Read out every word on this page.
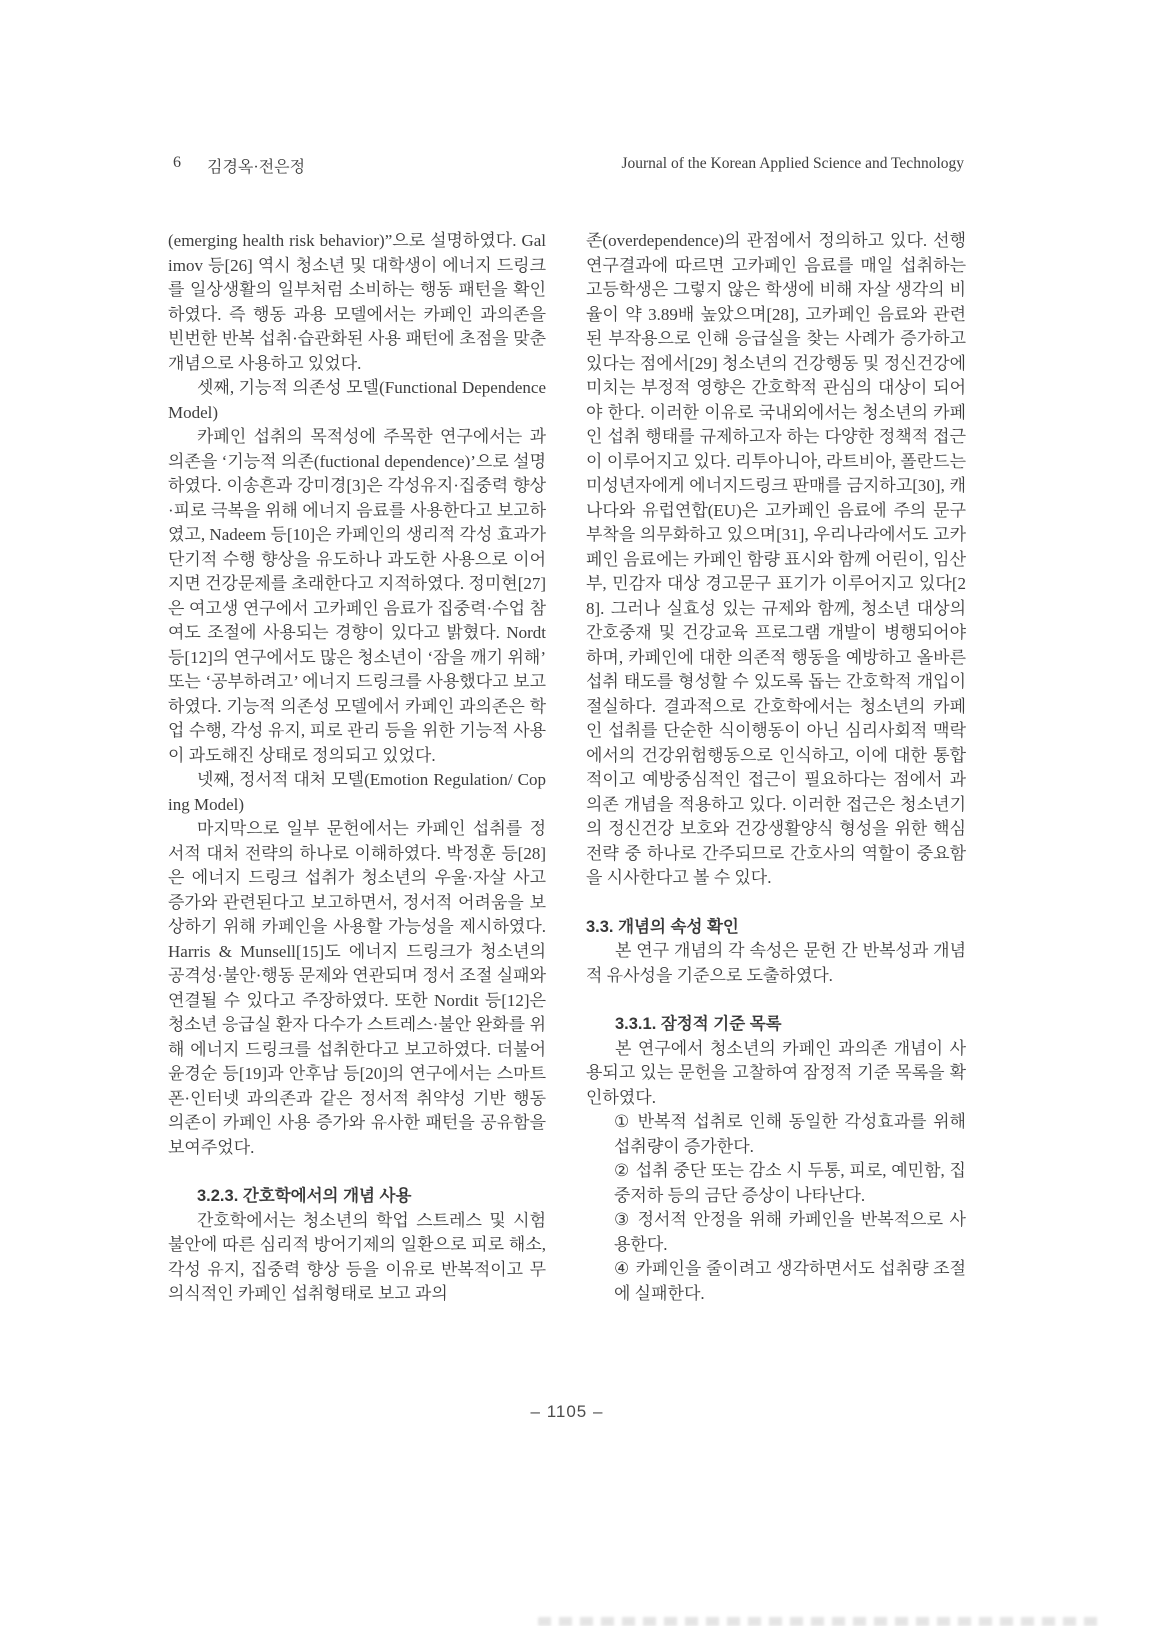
6 김경옥·전은정	Journal of the Korean Applied Science and Technology

(emerging health risk behavior)”으로 설명하였다. Galimov 등[26] 역시 청소년 및 대학생이 에너지 드링크를 일상생활의 일부처럼 소비하는 행동 패턴을 확인하였다. 즉 행동 과용 모델에서는 카페인 과의존을 빈번한 반복 섭취·습관화된 사용 패턴에 초점을 맞춘 개념으로 사용하고 있었다.

셋째, 기능적 의존성 모델(Functional Dependence Model)

카페인 섭취의 목적성에 주목한 연구에서는 과의존을 ‘기능적 의존(fuctional dependence)’으로 설명하였다. 이송흔과 강미경[3]은 각성유지·집중력 향상·피로 극복을 위해 에너지 음료를 사용한다고 보고하였고, Nadeem 등[10]은 카페인의 생리적 각성 효과가 단기적 수행 향상을 유도하나 과도한 사용으로 이어지면 건강문제를 초래한다고 지적하였다. 정미현[27]은 여고생 연구에서 고카페인 음료가 집중력·수업 참여도 조절에 사용되는 경향이 있다고 밝혔다. Nordt 등[12]의 연구에서도 많은 청소년이 ‘잠을 깨기 위해’ 또는 ‘공부하려고’ 에너지 드링크를 사용했다고 보고하였다. 기능적 의존성 모델에서 카페인 과의존은 학업 수행, 각성 유지, 피로 관리 등을 위한 기능적 사용이 과도해진 상태로 정의되고 있었다.

넷째, 정서적 대처 모델(Emotion Regulation/ Coping Model)

마지막으로 일부 문헌에서는 카페인 섭취를 정서적 대처 전략의 하나로 이해하였다. 박정훈 등[28]은 에너지 드링크 섭취가 청소년의 우울·자살 사고 증가와 관련된다고 보고하면서, 정서적 어려움을 보상하기 위해 카페인을 사용할 가능성을 제시하였다. Harris & Munsell[15]도 에너지 드링크가 청소년의 공격성·불안·행동 문제와 연관되며 정서 조절 실패와 연결될 수 있다고 주장하였다. 또한 Nordit 등[12]은 청소년 응급실 환자 다수가 스트레스·불안 완화를 위해 에너지 드링크를 섭취한다고 보고하였다. 더불어 윤경순 등[19]과 안후남 등[20]의 연구에서는 스마트폰·인터넷 과의존과 같은 정서적 취약성 기반 행동 의존이 카페인 사용 증가와 유사한 패턴을 공유함을 보여주었다.

3.2.3. 간호학에서의 개념 사용

간호학에서는 청소년의 학업 스트레스 및 시험 불안에 따른 심리적 방어기제의 일환으로 피로 해소, 각성 유지, 집중력 향상 등을 이유로 반복적이고 무의식적인 카페인 섭취형태로 보고 과의

존(overdependence)의 관점에서 정의하고 있다. 선행 연구결과에 따르면 고카페인 음료를 매일 섭취하는 고등학생은 그렇지 않은 학생에 비해 자살 생각의 비율이 약 3.89배 높았으며[28], 고카페인 음료와 관련된 부작용으로 인해 응급실을 찾는 사례가 증가하고 있다는 점에서[29] 청소년의 건강행동 및 정신건강에 미치는 부정적 영향은 간호학적 관심의 대상이 되어야 한다. 이러한 이유로 국내외에서는 청소년의 카페인 섭취 행태를 규제하고자 하는 다양한 정책적 접근이 이루어지고 있다. 리투아니아, 라트비아, 폴란드는 미성년자에게 에너지드링크 판매를 금지하고[30], 캐나다와 유럽연합(EU)은 고카페인 음료에 주의 문구 부착을 의무화하고 있으며[31], 우리나라에서도 고카페인 음료에는 카페인 함량 표시와 함께 어린이, 임산부, 민감자 대상 경고문구 표기가 이루어지고 있다[28]. 그러나 실효성 있는 규제와 함께, 청소년 대상의 간호중재 및 건강교육 프로그램 개발이 병행되어야 하며, 카페인에 대한 의존적 행동을 예방하고 올바른 섭취 태도를 형성할 수 있도록 돕는 간호학적 개입이 절실하다. 결과적으로 간호학에서는 청소년의 카페인 섭취를 단순한 식이행동이 아닌 심리사회적 맥락에서의 건강위험행동으로 인식하고, 이에 대한 통합적이고 예방중심적인 접근이 필요하다는 점에서 과의존 개념을 적용하고 있다. 이러한 접근은 청소년기의 정신건강 보호와 건강생활양식 형성을 위한 핵심 전략 중 하나로 간주되므로 간호사의 역할이 중요함을 시사한다고 볼 수 있다.

3.3. 개념의 속성 확인

본 연구 개념의 각 속성은 문헌 간 반복성과 개념적 유사성을 기준으로 도출하였다.

3.3.1. 잠정적 기준 목록

본 연구에서 청소년의 카페인 과의존 개념이 사용되고 있는 문헌을 고찰하여 잠정적 기준 목록을 확인하였다.

① 반복적 섭취로 인해 동일한 각성효과를 위해 섭취량이 증가한다.
② 섭취 중단 또는 감소 시 두통, 피로, 예민함, 집중저하 등의 금단 증상이 나타난다.
③ 정서적 안정을 위해 카페인을 반복적으로 사용한다.
④ 카페인을 줄이려고 생각하면서도 섭취량 조절에 실패한다.
– 1105 –
